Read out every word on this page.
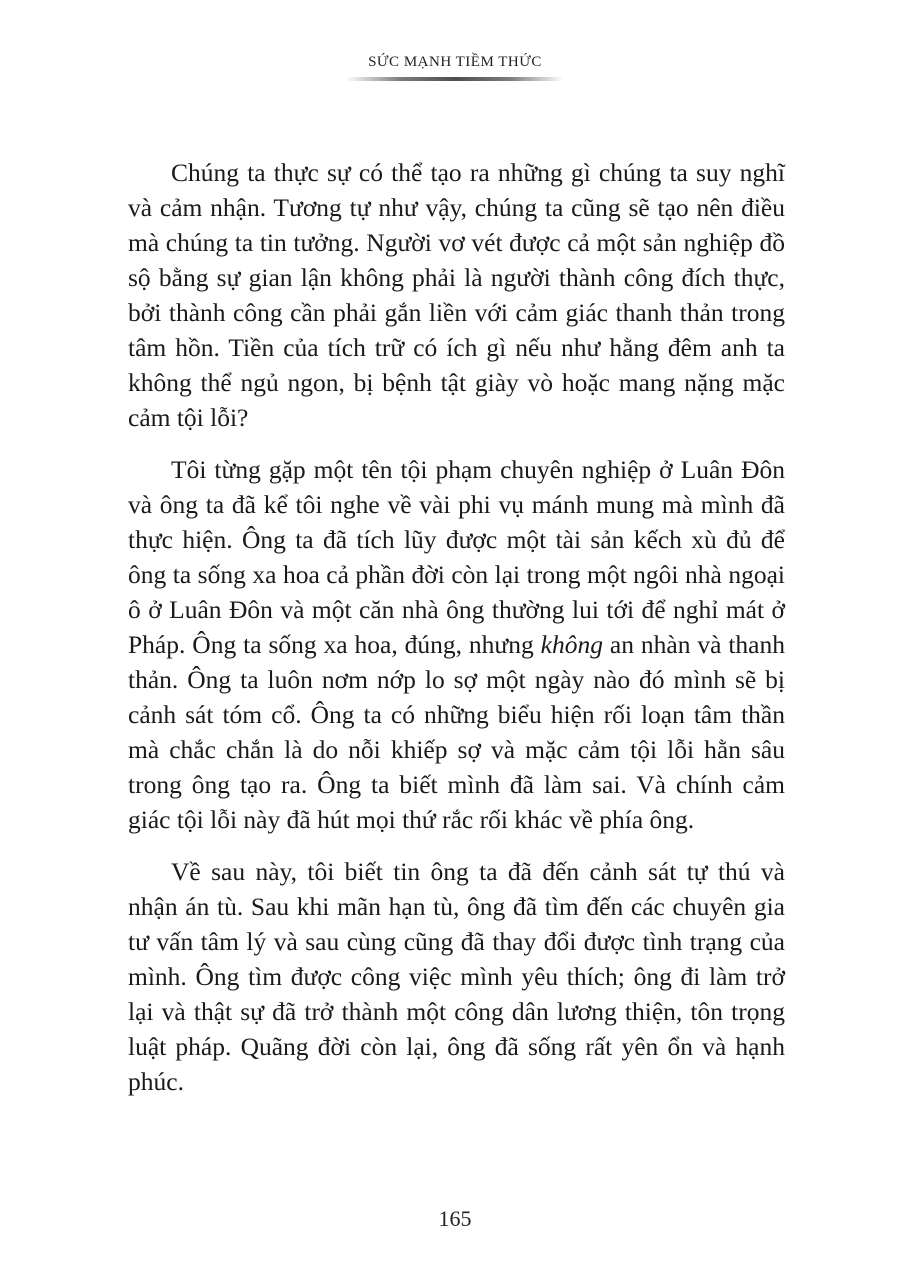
SỨC MẠNH TIỀM THỨC

Chúng ta thực sự có thể tạo ra những gì chúng ta suy nghĩ và cảm nhận. Tương tự như vậy, chúng ta cũng sẽ tạo nên điều mà chúng ta tin tưởng. Người vơ vét được cả một sản nghiệp đồ sộ bằng sự gian lận không phải là người thành công đích thực, bởi thành công cần phải gắn liền với cảm giác thanh thản trong tâm hồn. Tiền của tích trữ có ích gì nếu như hằng đêm anh ta không thể ngủ ngon, bị bệnh tật giày vò hoặc mang nặng mặc cảm tội lỗi?

Tôi từng gặp một tên tội phạm chuyên nghiệp ở Luân Đôn và ông ta đã kể tôi nghe về vài phi vụ mánh mung mà mình đã thực hiện. Ông ta đã tích lũy được một tài sản kếch xù đủ để ông ta sống xa hoa cả phần đời còn lại trong một ngôi nhà ngoại ô ở Luân Đôn và một căn nhà ông thường lui tới để nghỉ mát ở Pháp. Ông ta sống xa hoa, đúng, nhưng không an nhàn và thanh thản. Ông ta luôn nơm nớp lo sợ một ngày nào đó mình sẽ bị cảnh sát tóm cổ. Ông ta có những biểu hiện rối loạn tâm thần mà chắc chắn là do nỗi khiếp sợ và mặc cảm tội lỗi hằn sâu trong ông tạo ra. Ông ta biết mình đã làm sai. Và chính cảm giác tội lỗi này đã hút mọi thứ rắc rối khác về phía ông.

Về sau này, tôi biết tin ông ta đã đến cảnh sát tự thú và nhận án tù. Sau khi mãn hạn tù, ông đã tìm đến các chuyên gia tư vấn tâm lý và sau cùng cũng đã thay đổi được tình trạng của mình. Ông tìm được công việc mình yêu thích; ông đi làm trở lại và thật sự đã trở thành một công dân lương thiện, tôn trọng luật pháp. Quãng đời còn lại, ông đã sống rất yên ổn và hạnh phúc.

165
